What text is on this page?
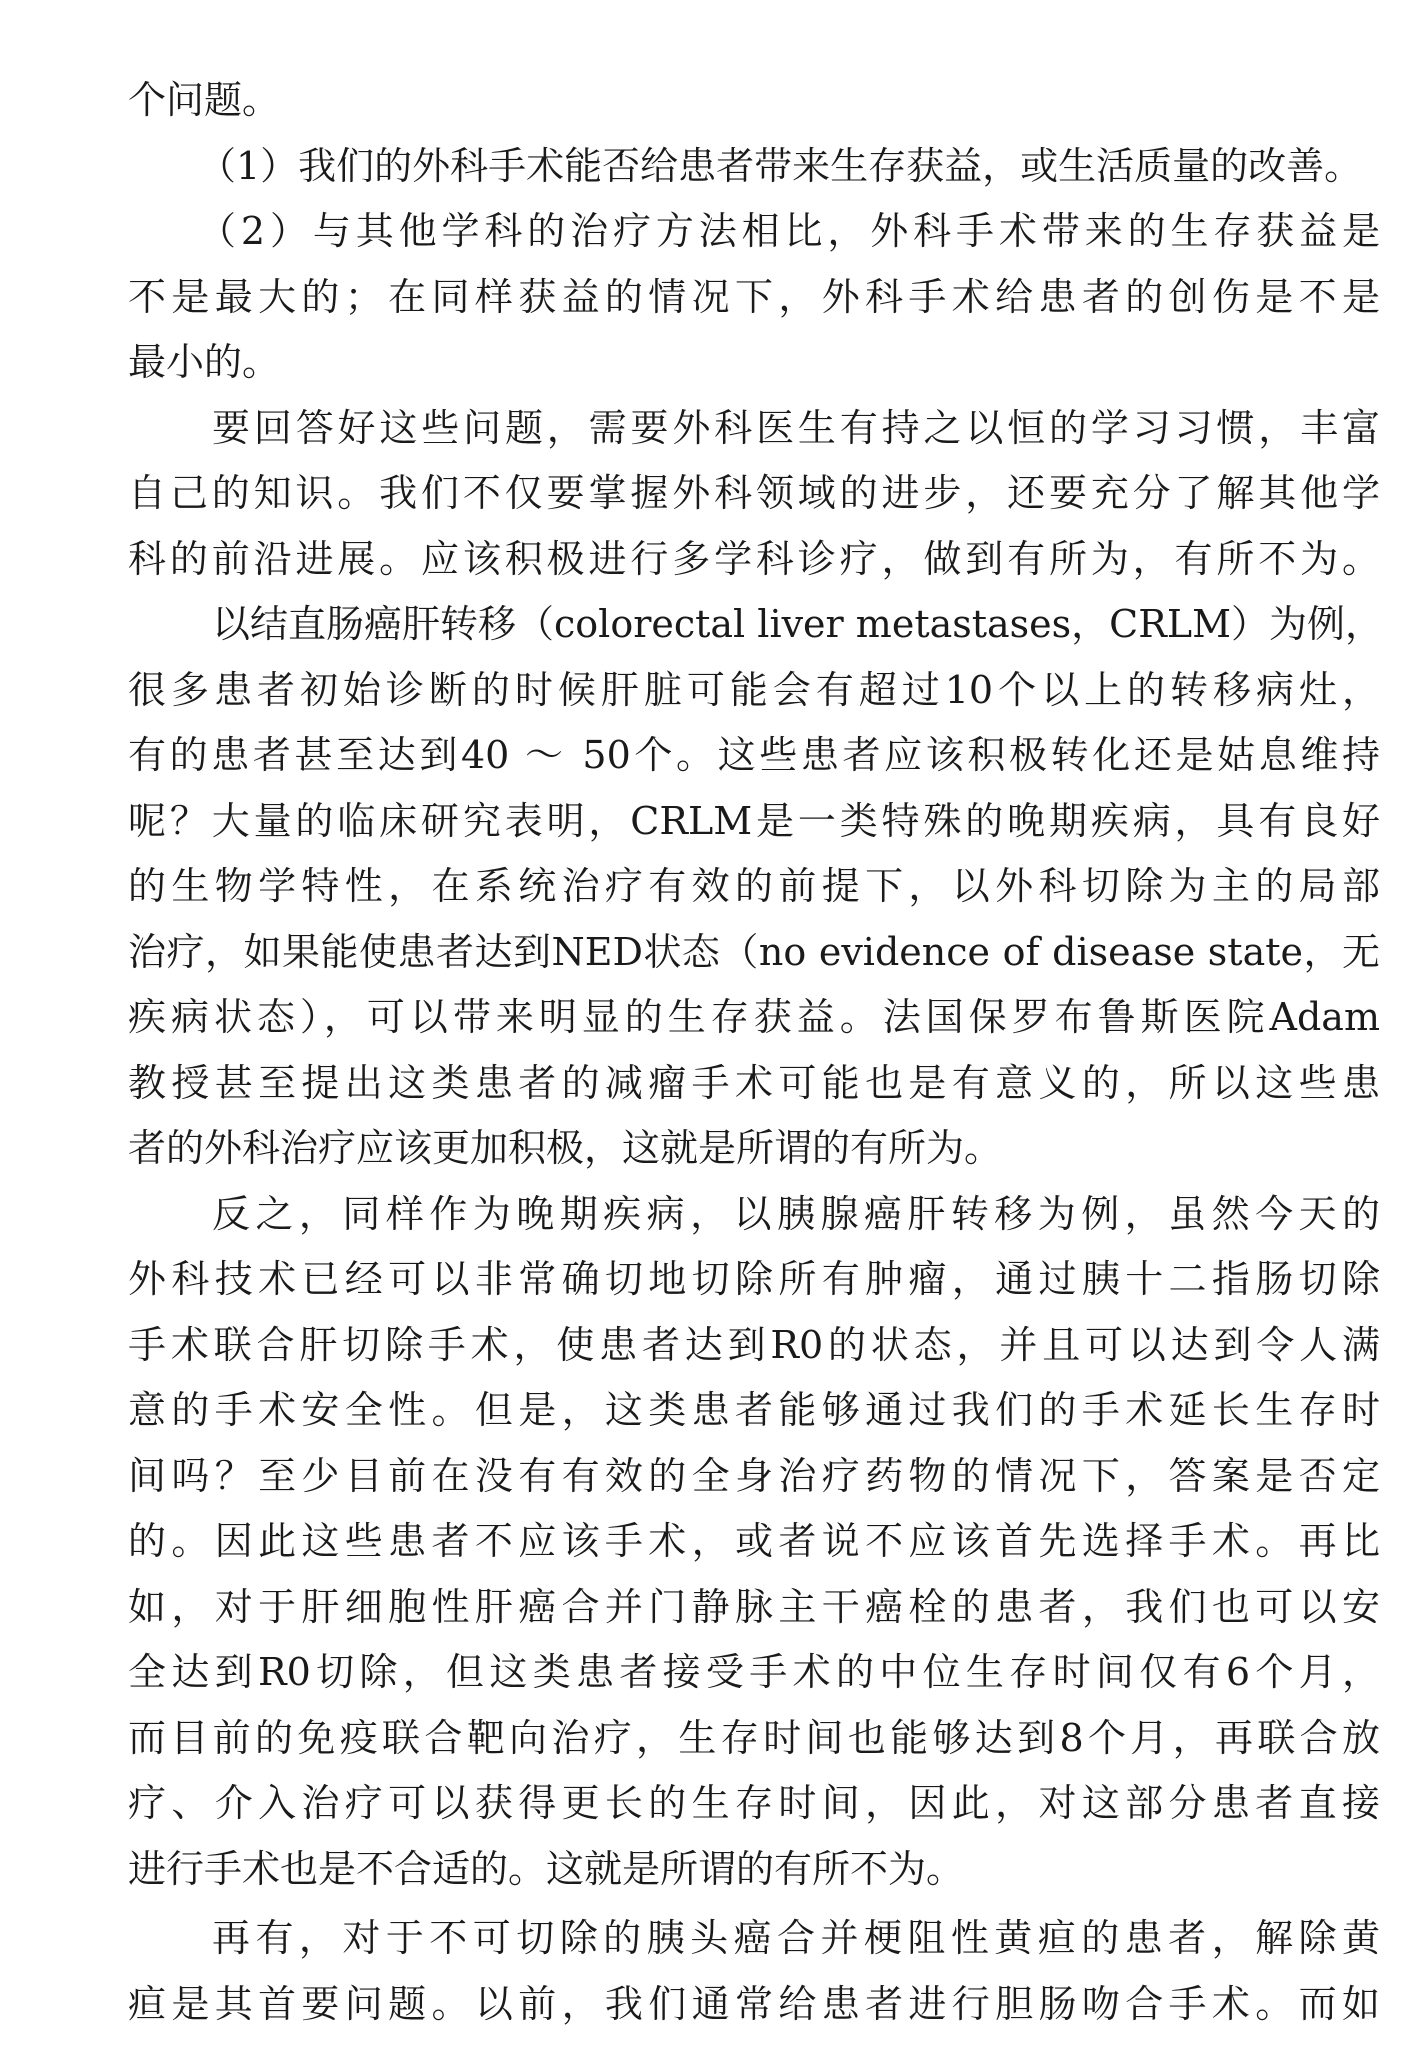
个问题。
（1）我们的外科手术能否给患者带来生存获益，或生活质量的改善。
（2）与其他学科的治疗方法相比，外科手术带来的生存获益是
不是最大的；在同样获益的情况下，外科手术给患者的创伤是不是
最小的。
要回答好这些问题，需要外科医生有持之以恒的学习习惯，丰富
自己的知识。我们不仅要掌握外科领域的进步，还要充分了解其他学
科的前沿进展。应该积极进行多学科诊疗，做到有所为，有所不为。
以结直肠癌肝转移（colorectal liver metastases，CRLM）为例，
很多患者初始诊断的时候肝脏可能会有超过10个以上的转移病灶，
有的患者甚至达到40 ～ 50个。这些患者应该积极转化还是姑息维持
呢？大量的临床研究表明，CRLM是一类特殊的晚期疾病，具有良好
的生物学特性，在系统治疗有效的前提下，以外科切除为主的局部
治疗，如果能使患者达到NED状态（no evidence of disease state，无
疾病状态），可以带来明显的生存获益。法国保罗布鲁斯医院Adam
教授甚至提出这类患者的减瘤手术可能也是有意义的，所以这些患
者的外科治疗应该更加积极，这就是所谓的有所为。
反之，同样作为晚期疾病，以胰腺癌肝转移为例，虽然今天的
外科技术已经可以非常确切地切除所有肿瘤，通过胰十二指肠切除
手术联合肝切除手术，使患者达到R0的状态，并且可以达到令人满
意的手术安全性。但是，这类患者能够通过我们的手术延长生存时
间吗？至少目前在没有有效的全身治疗药物的情况下，答案是否定
的。因此这些患者不应该手术，或者说不应该首先选择手术。再比
如，对于肝细胞性肝癌合并门静脉主干癌栓的患者，我们也可以安
全达到R0切除，但这类患者接受手术的中位生存时间仅有6个月，
而目前的免疫联合靶向治疗，生存时间也能够达到8个月，再联合放
疗、介入治疗可以获得更长的生存时间，因此，对这部分患者直接
进行手术也是不合适的。这就是所谓的有所不为。
再有，对于不可切除的胰头癌合并梗阻性黄疸的患者，解除黄
疸是其首要问题。以前，我们通常给患者进行胆肠吻合手术。而如
